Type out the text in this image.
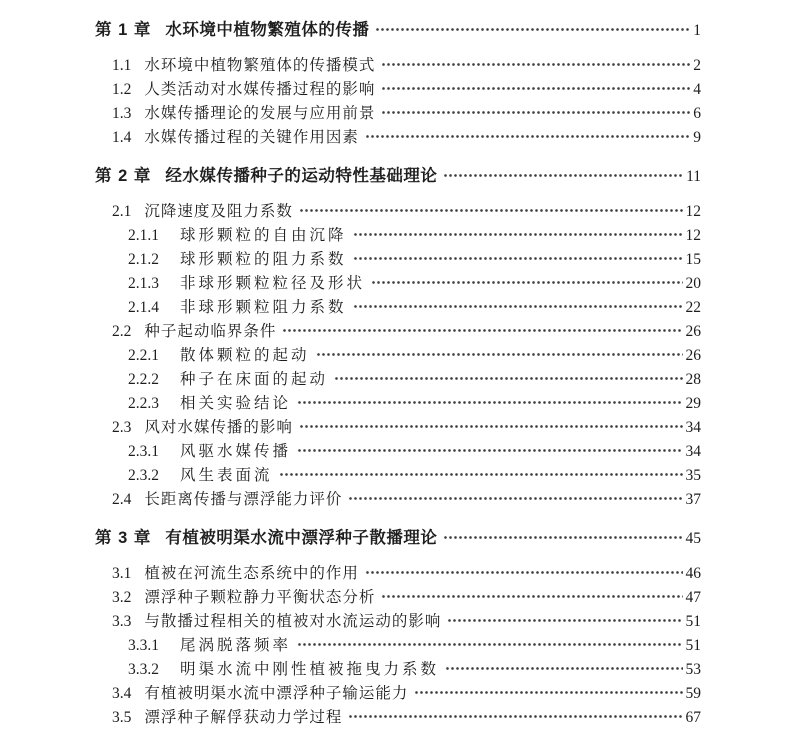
第 1 章 水环境中植物繁殖体的传播	1
1.1 水环境中植物繁殖体的传播模式	2
1.2 人类活动对水媒传播过程的影响	4
1.3 水媒传播理论的发展与应用前景	6
1.4 水媒传播过程的关键作用因素	9
第 2 章 经水媒传播种子的运动特性基础理论	11
2.1 沉降速度及阻力系数	12
2.1.1 球形颗粒的自由沉降	12
2.1.2 球形颗粒的阻力系数	15
2.1.3 非球形颗粒粒径及形状	20
2.1.4 非球形颗粒阻力系数	22
2.2 种子起动临界条件	26
2.2.1 散体颗粒的起动	26
2.2.2 种子在床面的起动	28
2.2.3 相关实验结论	29
2.3 风对水媒传播的影响	34
2.3.1 风驱水媒传播	34
2.3.2 风生表面流	35
2.4 长距离传播与漂浮能力评价	37
第 3 章 有植被明渠水流中漂浮种子散播理论	45
3.1 植被在河流生态系统中的作用	46
3.2 漂浮种子颗粒静力平衡状态分析	47
3.3 与散播过程相关的植被对水流运动的影响	51
3.3.1 尾涡脱落频率	51
3.3.2 明渠水流中刚性植被拖曳力系数	53
3.4 有植被明渠水流中漂浮种子输运能力	59
3.5 漂浮种子解俘获动力学过程	67
